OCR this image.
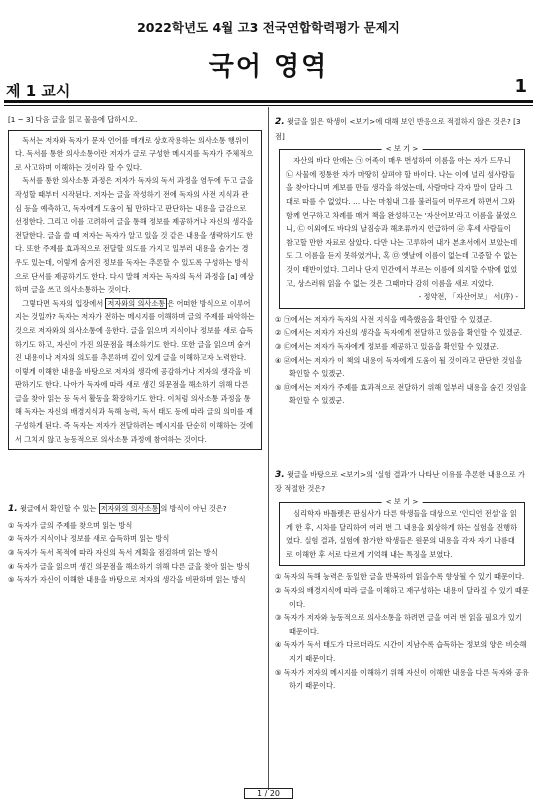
2022학년도 4월 고3 전국연합학력평가 문제지
국어 영역
제 1 교시	1
[1 ~ 3] 다음 글을 읽고 물음에 답하시오.

독서는 저자와 독자가 문자 언어를 매개로 상호작용하는 의사소통 행위이다. 독서를 통한 의사소통이란 저자가 글로 구성한 메시지를 독자가 주체적으로 사고하며 이해하는 것이라 할 수 있다.

독서를 통한 의사소통 과정은 저자가 독자의 독서 과정을 염두에 두고 글을 작성할 때부터 시작된다. 저자는 글을 작성하기 전에 독자의 사전 지식과 관심 등을 예측하고, 독자에게 도움이 될 만하다고 판단하는 내용을 글감으로 선정한다. 그리고 이를 고려하여 글을 통해 정보를 제공하거나 자신의 생각을 전달한다. 글을 쓸 때 저자는 독자가 알고 있을 것 같은 내용을 생략하기도 한다. 또한 주제를 효과적으로 전달할 의도를 가지고 일부러 내용을 숨기는 경우도 있는데, 이렇게 숨겨진 정보를 독자는 추론할 수 있도록 구성하는 방식으로 단서를 제공하기도 한다. 다시 말해 저자는 독자의 독서 과정을 [a] 예상하며 글을 쓰고 의사소통하는 것이다.

그렇다면 독자의 입장에서 저자와의 의사소통 은 어떠한 방식으로 이루어지는 것일까? 독자는 저자가 전하는 메시지를 이해하며 글의 주제를 파악하는 것으로 저자와의 의사소통에 응한다. 글을 읽으며 지식이나 정보를 새로 습득하기도 하고, 자신이 가진 의문점을 해소하기도 한다. 또한 글을 읽으며 숨겨진 내용이나 저자의 의도를 추론하며 깊이 있게 글을 이해하고자 노력한다. 이렇게 이해한 내용을 바탕으로 저자의 생각에 공감하거나 저자의 생각을 비판하기도 한다. 나아가 독자에 따라 새로 생긴 의문점을 해소하기 위해 다른 글을 찾아 읽는 등 독서 활동을 확장하기도 한다. 이처럼 의사소통 과정을 통해 독자는 자신의 배경지식과 독해 능력, 독서 태도 등에 따라 글의 의미를 재구성하게 된다. 즉 독자는 저자가 전달하려는 메시지를 단순히 이해하는 것에서 그치지 않고 능동적으로 의사소통 과정에 참여하는 것이다.

1. 윗글에서 확인할 수 있는 저자와의 의사소통 의 방식이 아닌 것은?
① 독자가 글의 주제를 찾으며 읽는 방식
② 독자가 지식이나 정보를 새로 습득하며 읽는 방식
③ 독자가 독서 목적에 따라 자신의 독서 계획을 점검하며 읽는 방식
④ 독자가 글을 읽으며 생긴 의문점을 해소하기 위해 다른 글을 찾아 읽는 방식
⑤ 독자가 자신이 이해한 내용을 바탕으로 저자의 생각을 비판하며 읽는 방식
2. 윗글을 읽은 학생이 <보기>에 대해 보인 반응으로 적절하지 않은 것은? [3점]
< 보 기 >

자산의 바다 안에는 ㉠ 어족이 매우 번성하여 이름을 아는 자가 드무니 ㉡ 사물에 정통한 자가 마땅히 살펴야 할 바이다. 나는 이에 널리 섬사람들을 찾아다니며 계보를 만들 생각을 하였는데, 사람마다 각자 말이 달라 그대로 따를 수 없었다. … 나는 마침내 그를 불러들여 머무르게 하면서 그와 함께 연구하고 차례를 매겨 책을 완성하고는 '자산어보'라고 이름을 붙였으니, ㉢ 이외에도 바다의 날짐승과 해초류까지 언급하여 ㉣ 후세 사람들이 참고할 만한 자료로 삼았다. 다만 나는 고루하여 내가 본초서에서 보았는데도 그 이름을 듣지 못하였거나, 혹 ㉤ 옛날에 이름이 없는데 고증할 수 없는 것이 태반이었다. 그러나 단지 민간에서 부르는 이름에 의지할 수밖에 없었고, 상스러워 읽을 수 없는 것은 그때마다 감히 이름을 새로 지었다.

- 정약전, 「자산어보」 서(序) -
① ㉠에서는 저자가 독자의 사전 지식을 예측했음을 확인할 수 있겠군.
② ㉡에서는 저자가 자신의 생각을 독자에게 전달하고 있음을 확인할 수 있겠군.
③ ㉢에서는 저자가 독자에게 정보를 제공하고 있음을 확인할 수 있겠군.
④ ㉣에서는 저자가 이 책의 내용이 독자에게 도움이 될 것이라고 판단한 것임을 확인할 수 있겠군.
⑤ ㉤에서는 저자가 주제를 효과적으로 전달하기 위해 일부러 내용을 숨긴 것임을 확인할 수 있겠군.
3. 윗글을 바탕으로 <보기>의 '실험 결과'가 나타난 이유를 추론한 내용으로 가장 적절한 것은?
< 보 기 >

심리학자 바틀렛은 판심사가 다른 학생들을 대상으로 '인디언 전설'을 읽게 한 후, 시차를 달리하여 여러 번 그 내용을 회상하게 하는 실험을 진행하였다. 실험 결과, 실험에 참가한 학생들은 원문의 내용을 각자 자기 나름대로 이해한 후 서로 다르게 기억해 내는 특징을 보였다.

① 독자의 독해 능력은 동일한 글을 반복하여 읽을수록 향상될 수 있기 때문이다.
② 독자의 배경지식에 따라 글을 이해하고 재구성하는 내용이 달라질 수 있기 때문이다.
③ 독자가 저자와 능동적으로 의사소통을 하려면 글을 여러 번 읽을 필요가 있기 때문이다.
④ 독자가 독서 태도가 다르더라도 시간이 지남수록 습득하는 정보의 양은 비슷해지기 때문이다.
⑤ 독자가 저자의 메시지를 이해하기 위해 자신이 이해한 내용을 다른 독자와 공유하기 때문이다.
1 / 20
